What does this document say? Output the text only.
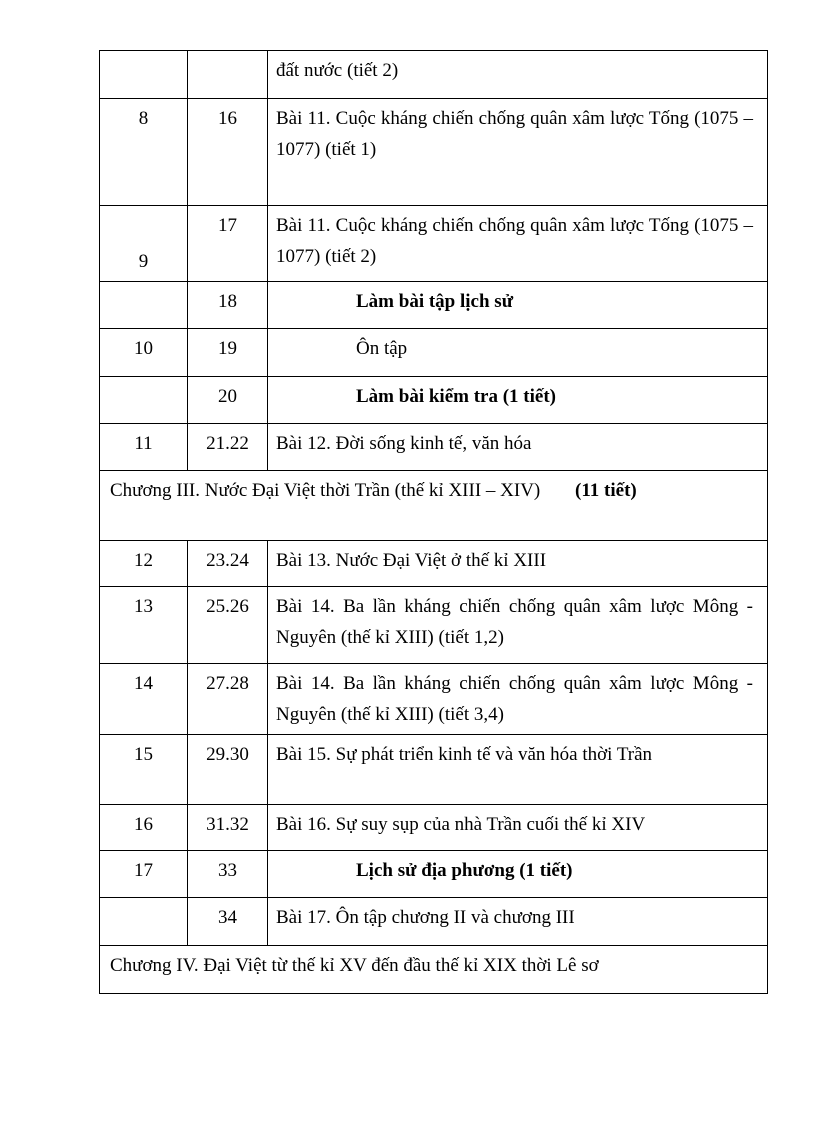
		đất nước (tiết 2)
8	16	Bài 11. Cuộc kháng chiến chống quân xâm lược Tống (1075 – 1077) (tiết 1)
9	17	Bài 11. Cuộc kháng chiến chống quân xâm lược Tống (1075 – 1077) (tiết 2)
	18	Làm bài tập lịch sử
10	19	Ôn tập
	20	Làm bài kiểm tra (1 tiết)
11	21.22	Bài 12. Đời sống kinh tế, văn hóa
Chương III. Nước Đại Việt thời Trần (thế kỉ XIII – XIV) (11 tiết)		
12	23.24	Bài 13. Nước Đại Việt ở thế kỉ XIII
13	25.26	Bài 14. Ba lần kháng chiến chống quân xâm lược Mông - Nguyên (thế kỉ XIII) (tiết 1,2)
14	27.28	Bài 14. Ba lần kháng chiến chống quân xâm lược Mông - Nguyên (thế kỉ XIII) (tiết 3,4)
15	29.30	Bài 15. Sự phát triển kinh tế và văn hóa thời Trần
16	31.32	Bài 16. Sự suy sụp của nhà Trần cuối thế kỉ XIV
17	33	Lịch sử địa phương (1 tiết)
	34	Bài 17. Ôn tập chương II và chương III
Chương IV. Đại Việt từ thế kỉ XV đến đầu thế kỉ XIX thời Lê sơ		
